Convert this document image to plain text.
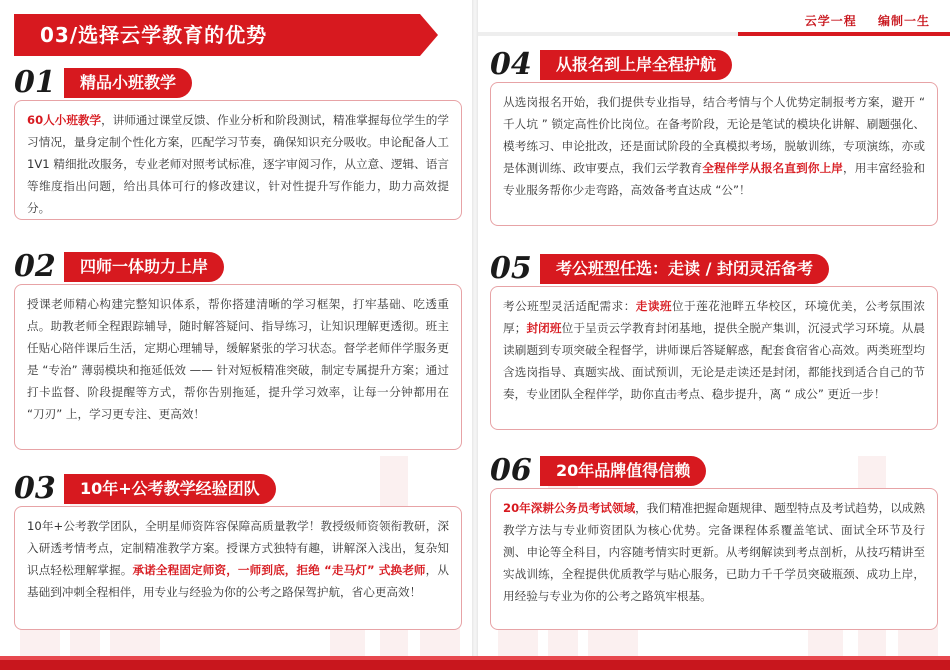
03/选择云学教育的优势
云学一程 编制一生
01	精品小班教学
60人小班教学，讲师通过课堂反馈、作业分析和阶段测试，精准掌握每位学生的学习情况，量身定制个性化方案，匹配学习节奏，确保知识充分吸收。申论配备人工 1V1 精细批改服务，专业老师对照考试标准，逐字审阅习作，从立意、逻辑、语言等维度指出问题，给出具体可行的修改建议，针对性提升写作能力，助力高效提分。
02	四师一体助力上岸
授课老师精心构建完整知识体系，帮你搭建清晰的学习框架，打牢基础、吃透重点。助教老师全程跟踪辅导，随时解答疑问、指导练习，让知识理解更透彻。班主任贴心陪伴课后生活，定期心理辅导，缓解紧张的学习状态。督学老师伴学服务更是 “专治” 薄弱模块和拖延低效 —— 针对短板精准突破，制定专属提升方案；通过打卡监督、阶段提醒等方式，帮你告别拖延，提升学习效率，让每一分钟都用在 “刀刃” 上，学习更专注、更高效！
03	10年+公考教学经验团队
10年+公考教学团队，全明星师资阵容保障高质量教学！教授级师资领衔教研，深入研透考情考点，定制精准教学方案。授课方式独特有趣，讲解深入浅出，复杂知识点轻松理解掌握。承诺全程固定师资，一师到底，拒绝 “走马灯” 式换老师，从基础到冲刺全程相伴，用专业与经验为你的公考之路保驾护航，省心更高效！
04	从报名到上岸全程护航
从选岗报名开始，我们提供专业指导，结合考情与个人优势定制报考方案，避开 “ 千人坑 ” 锁定高性价比岗位。在备考阶段，无论是笔试的模块化讲解、刷题强化、模考练习、申论批改，还是面试阶段的全真模拟考场，脱敏训练，专项演练，亦或是体测训练、政审要点，我们云学教育全程伴学从报名直到你上岸，用丰富经验和专业服务帮你少走弯路，高效备考直达成 “公”！
05	考公班型任选：走读 / 封闭灵活备考
考公班型灵活适配需求：走读班位于莲花池畔五华校区，环境优美，公考氛围浓厚；封闭班位于呈贡云学教育封闭基地，提供全脱产集训，沉浸式学习环境。从晨读刷题到专项突破全程督学，讲师课后答疑解惑，配套食宿省心高效。两类班型均含选岗指导、真题实战、面试预训，无论是走读还是封闭，都能找到适合自己的节奏，专业团队全程伴学，助你直击考点、稳步提升，离 “ 成公” 更近一步！
06	20年品牌值得信赖
20年深耕公务员考试领域，我们精准把握命题规律、题型特点及考试趋势，以成熟教学方法与专业师资团队为核心优势。完备课程体系覆盖笔试、面试全环节及行测、申论等全科目，内容随考情实时更新。从考纲解读到考点剖析，从技巧精讲至实战训练，全程提供优质教学与贴心服务，已助力千千学员突破瓶颈、成功上岸，用经验与专业为你的公考之路筑牢根基。
